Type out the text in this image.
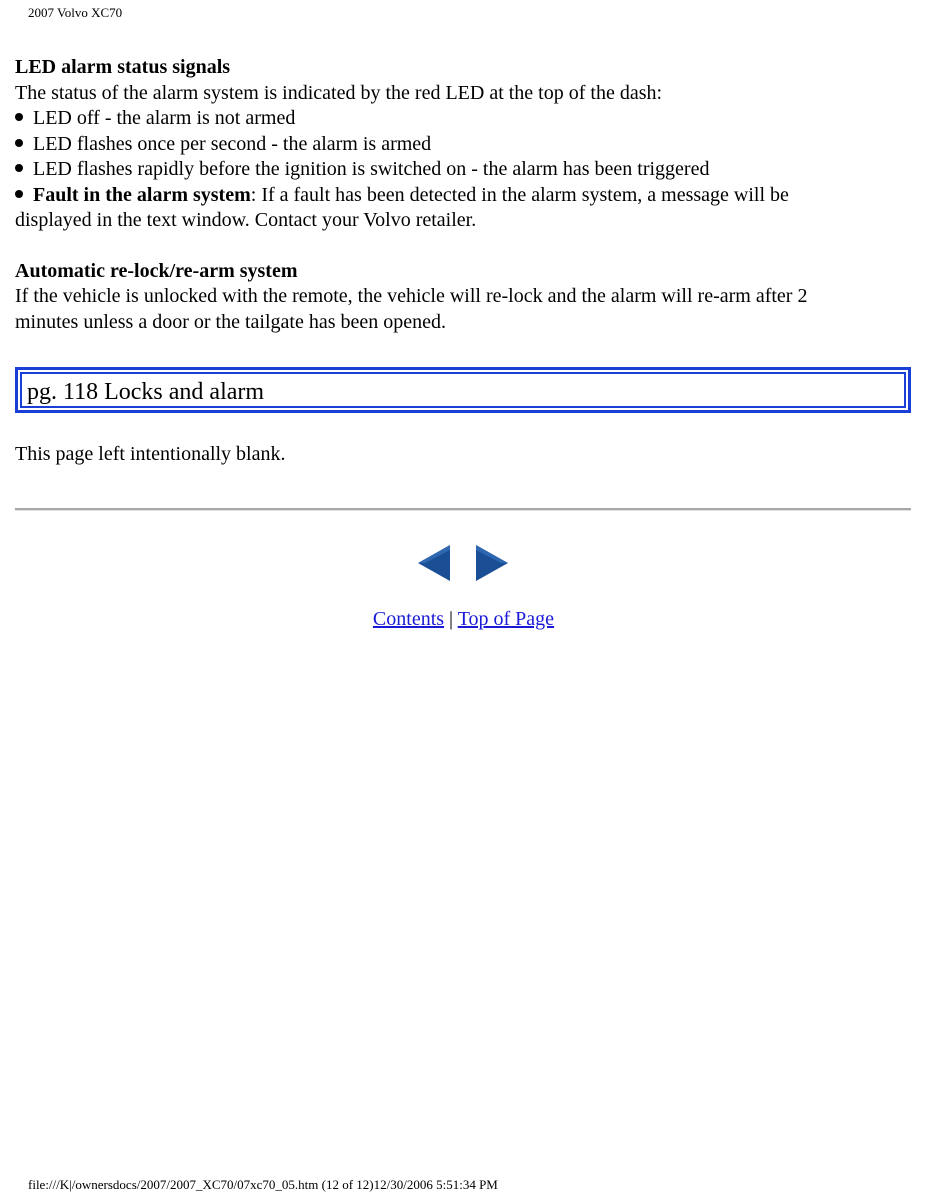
2007 Volvo XC70

LED alarm status signals

The status of the alarm system is indicated by the red LED at the top of the dash:

LED off - the alarm is not armed

LED flashes once per second - the alarm is armed

LED flashes rapidly before the ignition is switched on - the alarm has been triggered

Fault in the alarm system: If a fault has been detected in the alarm system, a message will be

displayed in the text window. Contact your Volvo retailer.

Automatic re-lock/re-arm system

If the vehicle is unlocked with the remote, the vehicle will re-lock and the alarm will re-arm after 2

minutes unless a door or the tailgate has been opened.

pg. 118 Locks and alarm
This page left intentionally blank.
Contents | Top of Page
file:///K|/ownersdocs/2007/2007_XC70/07xc70_05.htm (12 of 12)12/30/2006 5:51:34 PM
